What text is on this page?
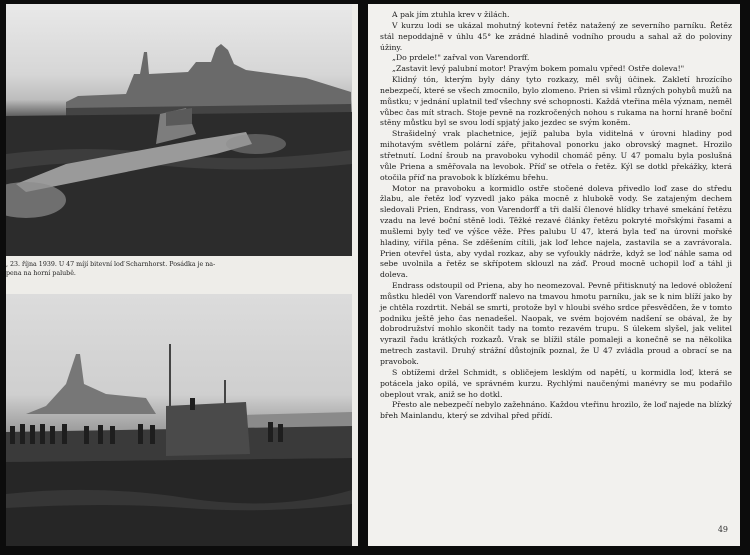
, 23. října 1939. U 47 míjí bitevní loď Scharnhorst. Posádka je na-
pena na horní palubě.

A pak jím ztuhla krev v žilách.

V kurzu lodi se ukázal mohutný kotevní řetěz natažený ze severního parníku. Řetěz stál nepoddajně v úhlu 45° ke zrádné hladině vodního proudu a sahal až do poloviny úžiny.

„Do prdele!" zařval von Varendorff.

„Zastavit levý palubní motor! Pravým bokem pomalu vpřed! Ostře doleva!"

Klidný tón, kterým byly dány tyto rozkazy, měl svůj účinek. Zakletí hrozícího nebezpečí, které se všech zmocnilo, bylo zlomeno. Prien si všiml různých pohybů mužů na můstku; v jednání uplatnil teď všechny své schopnosti. Každá vteřina měla význam, neměl vůbec čas mít strach. Stoje pevně na rozkročených nohou s rukama na horní hraně boční stěny můstku byl se svou lodí spjatý jako jezdec se svým koněm.

Strašidelný vrak plachetnice, jejíž paluba byla viditelná v úrovni hladiny pod mihotavým světlem polární záře, přitahoval ponorku jako obrovský magnet. Hrozilo střetnutí. Lodní šroub na pravoboku vyhodil chomáč pěny. U 47 pomalu byla poslušná vůle Priena a směřovala na levobok. Příď se otřela o řetěz. Kýl se dotkl překážky, která otočila příď na pravobok k blízkému břehu.

Motor na pravoboku a kormidlo ostře stočené doleva přivedlo loď zase do středu žlabu, ale řetěz loď vyzvedl jako páka mocně z hlubokě vody. Se zatajeným dechem sledovali Prien, Endrass, von Varendorff a tři další členové hlídky trhavé smekání řetězu vzadu na levé boční stěně lodi. Těžké rezavé články řetězu pokryté mořskými řasami a mušlemi byly teď ve výšce věže. Přes palubu U 47, která byla teď na úrovni mořské hladiny, vířila pěna. Se zděšením cítili, jak loď lehce najela, zastavila se a zavrávorala. Prien otevřel ústa, aby vydal rozkaz, aby se vyfoukly nádrže, když se loď náhle sama od sebe uvolnila a řetěz se skřípotem sklouzl na záď. Proud mocně uchopil loď a táhl ji doleva.

Endrass odstoupil od Priena, aby ho neomezoval. Pevně přitisknutý na ledové obložení můstku hleděl von Varendorff nalevo na tmavou hmotu parníku, jak se k nim blíží jako by je chtěla rozdrtit. Nebál se smrti, protože byl v hloubi svého srdce přesvědčen, že v tomto podniku ještě jeho čas nenadešel. Naopak, ve svém bojovém nadšení se obával, že by dobrodružství mohlo skončit tady na tomto rezavém trupu. S úlekem slyšel, jak velitel vyrazil řadu krátkých rozkazů. Vrak se blížil stále pomaleji a konečně se na několika metrech zastavil. Druhý strážní důstojník poznal, že U 47 zvládla proud a obrací se na pravobok.

S obtížemi držel Schmidt, s obličejem lesklým od napětí, u kormidla loď, která se potácela jako opilá, ve správném kurzu. Rychlými naučenými manévry se mu podařilo obeplout vrak, aniž se ho dotkl.

Přesto ale nebezpečí nebylo zažehnáno. Každou vteřinu hrozilo, že loď najede na blízký břeh Mainlandu, který se zdvihal před přídí.

49
